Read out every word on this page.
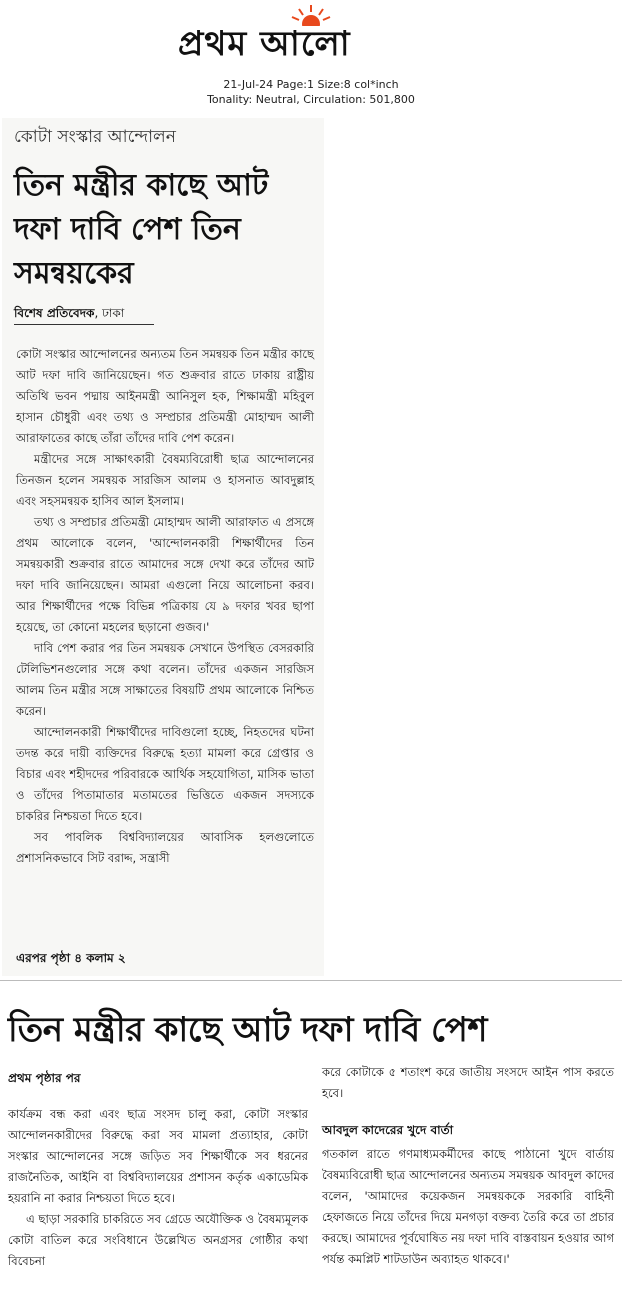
প্রথম আলো
21-Jul-24 Page:1 Size:8 col*inch
Tonality: Neutral, Circulation: 501,800
কোটা সংস্কার আন্দোলন
তিন মন্ত্রীর কাছে আট দফা দাবি পেশ তিন সমন্বয়কের
বিশেষ প্রতিবেদক, ঢাকা

কোটা সংস্কার আন্দোলনের অন্যতম তিন সমন্বয়ক তিন মন্ত্রীর কাছে আট দফা দাবি জানিয়েছেন। গত শুক্রবার রাতে ঢাকায় রাষ্ট্রীয় অতিথি ভবন পদ্মায় আইনমন্ত্রী আনিসুল হক, শিক্ষামন্ত্রী মহিবুল হাসান চৌধুরী এবং তথ্য ও সম্প্রচার প্রতিমন্ত্রী মোহাম্মদ আলী আরাফাতের কাছে তাঁরা তাঁদের দাবি পেশ করেন।

মন্ত্রীদের সঙ্গে সাক্ষাৎকারী বৈষম্যবিরোধী ছাত্র আন্দোলনের তিনজন হলেন সমন্বয়ক সারজিস আলম ও হাসনাত আবদুল্লাহ এবং সহসমন্বয়ক হাসিব আল ইসলাম।

তথ্য ও সম্প্রচার প্রতিমন্ত্রী মোহাম্মদ আলী আরাফাত এ প্রসঙ্গে প্রথম আলোকে বলেন, 'আন্দোলনকারী শিক্ষার্থীদের তিন সমন্বয়কারী শুক্রবার রাতে আমাদের সঙ্গে দেখা করে তাঁদের আট দফা দাবি জানিয়েছেন। আমরা এগুলো নিয়ে আলোচনা করব। আর শিক্ষার্থীদের পক্ষে বিভিন্ন পত্রিকায় যে ৯ দফার খবর ছাপা হয়েছে, তা কোনো মহলের ছড়ানো গুজব।'

দাবি পেশ করার পর তিন সমন্বয়ক সেখানে উপস্থিত বেসরকারি টেলিভিশনগুলোর সঙ্গে কথা বলেন। তাঁদের একজন সারজিস আলম তিন মন্ত্রীর সঙ্গে সাক্ষাতের বিষয়টি প্রথম আলোকে নিশ্চিত করেন।

আন্দোলনকারী শিক্ষার্থীদের দাবিগুলো হচ্ছে, নিহতদের ঘটনা তদন্ত করে দায়ী ব্যক্তিদের বিরুদ্ধে হত্যা মামলা করে গ্রেপ্তার ও বিচার এবং শহীদদের পরিবারকে আর্থিক সহযোগিতা, মাসিক ভাতা ও তাঁদের পিতামাতার মতামতের ভিত্তিতে একজন সদস্যকে চাকরির নিশ্চয়তা দিতে হবে।

সব পাবলিক বিশ্ববিদ্যালয়ের আবাসিক হলগুলোতে প্রশাসনিকভাবে সিট বরাদ্দ, সন্ত্রাসী

এরপর পৃষ্ঠা ৪ কলাম ২
তিন মন্ত্রীর কাছে আট দফা দাবি পেশ
প্রথম পৃষ্ঠার পর

কার্যক্রম বন্ধ করা এবং ছাত্র সংসদ চালু করা, কোটা সংস্কার আন্দোলনকারীদের বিরুদ্ধে করা সব মামলা প্রত্যাহার, কোটা সংস্কার আন্দোলনের সঙ্গে জড়িত সব শিক্ষার্থীকে সব ধরনের রাজনৈতিক, আইনি বা বিশ্ববিদ্যালয়ের প্রশাসন কর্তৃক একাডেমিক হয়রানি না করার নিশ্চয়তা দিতে হবে।

এ ছাড়া সরকারি চাকরিতে সব গ্রেডে অযৌক্তিক ও বৈষম্যমূলক কোটা বাতিল করে সংবিধানে উল্লেখিত অনগ্রসর গোষ্ঠীর কথা বিবেচনা

করে কোটাকে ৫ শতাংশ করে জাতীয় সংসদে আইন পাস করতে হবে।
আবদুল কাদেরের খুদে বার্তা
গতকাল রাতে গণমাধ্যমকর্মীদের কাছে পাঠানো খুদে বার্তায় বৈষম্যবিরোধী ছাত্র আন্দোলনের অন্যতম সমন্বয়ক আবদুল কাদের বলেন, 'আমাদের কয়েকজন সমন্বয়ককে সরকারি বাহিনী হেফাজতে নিয়ে তাঁদের দিয়ে মনগড়া বক্তব্য তৈরি করে তা প্রচার করছে। আমাদের পূর্বঘোষিত নয় দফা দাবি বাস্তবায়ন হওয়ার আগ পর্যন্ত কমপ্লিট শাটডাউন অব্যাহত থাকবে।'
